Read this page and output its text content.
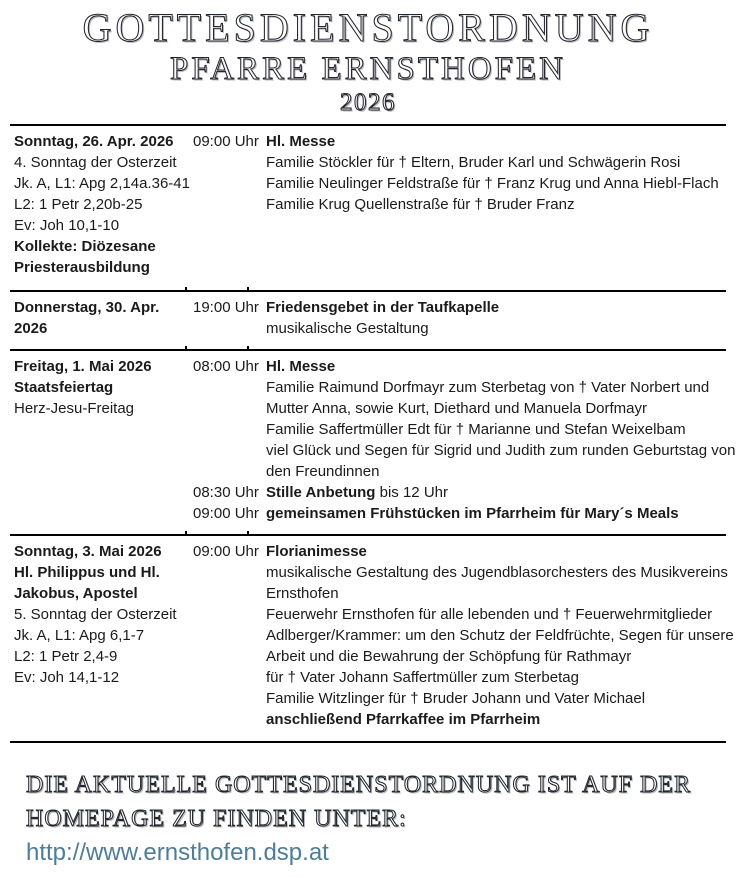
GOTTESDIENSTORDNUNG
PFARRE ERNSTHOFEN
2026
Sonntag, 26. Apr. 2026
4. Sonntag der Osterzeit
Jk. A, L1: Apg 2,14a.36-41
L2: 1 Petr 2,20b-25
Ev: Joh 10,1-10
Kollekte: Diözesane
Priesterausbildung
09:00 Uhr Hl. Messe
Familie Stöckler für † Eltern, Bruder Karl und Schwägerin Rosi
Familie Neulinger Feldstraße für † Franz Krug und Anna Hiebl-Flach
Familie Krug Quellenstraße für † Bruder Franz
Donnerstag, 30. Apr.
2026
19:00 Uhr Friedensgebet in der Taufkapelle
musikalische Gestaltung
Freitag, 1. Mai 2026
Staatsfeiertag
Herz-Jesu-Freitag
08:00 Uhr Hl. Messe
Familie Raimund Dorfmayr zum Sterbetag von † Vater Norbert und
Mutter Anna, sowie Kurt, Diethard und Manuela Dorfmayr
Familie Saffertmüller Edt für † Marianne und Stefan Weixelbam
viel Glück und Segen für Sigrid und Judith zum runden Geburtstag von
den Freundinnen
08:30 Uhr Stille Anbetung bis 12 Uhr
09:00 Uhr gemeinsamen Frühstücken im Pfarrheim für Mary´s Meals
Sonntag, 3. Mai 2026
Hl. Philippus und Hl.
Jakobus, Apostel
5. Sonntag der Osterzeit
Jk. A, L1: Apg 6,1-7
L2: 1 Petr 2,4-9
Ev: Joh 14,1-12
09:00 Uhr Florianimesse
musikalische Gestaltung des Jugendblasorchesters des Musikvereins
Ernsthofen
Feuerwehr Ernsthofen für alle lebenden und † Feuerwehrmitglieder
Adlberger/Krammer: um den Schutz der Feldfrüchte, Segen für unsere
Arbeit und die Bewahrung der Schöpfung für Rathmayr
für † Vater Johann Saffertmüller zum Sterbetag
Familie Witzlinger für † Bruder Johann und Vater Michael
anschließend Pfarrkaffee im Pfarrheim
DIE AKTUELLE GOTTESDIENSTORDNUNG IST AUF DER
HOMEPAGE ZU FINDEN UNTER: http://www.ernsthofen.dsp.at
